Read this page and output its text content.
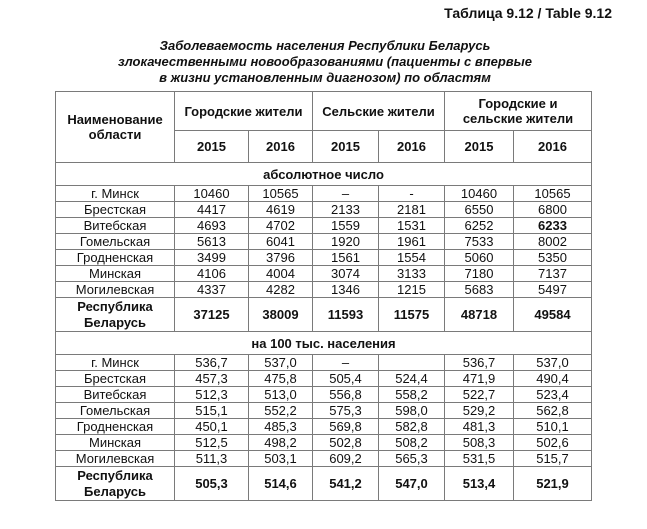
Таблица 9.12 / Table 9.12
Заболеваемость населения Республики Беларусь
злокачественными новообразованиями (пациенты с впервые
в жизни установленным диагнозом) по областям
Наименование области	Городские жители		Сельские жители		Городские и сельские жители	
	2015	2016	2015	2016	2015	2016
абсолютное число						
г. Минск	10460	10565	–	-	10460	10565
Брестская	4417	4619	2133	2181	6550	6800
Витебская	4693	4702	1559	1531	6252	6233
Гомельская	5613	6041	1920	1961	7533	8002
Гродненская	3499	3796	1561	1554	5060	5350
Минская	4106	4004	3074	3133	7180	7137
Могилевская	4337	4282	1346	1215	5683	5497

Республика
Беларусь	37125	38009	11593	11575	48718	49584
на 100 тыс. населения						
г. Минск	536,7	537,0	–		536,7	537,0
Брестская	457,3	475,8	505,4	524,4	471,9	490,4
Витебская	512,3	513,0	556,8	558,2	522,7	523,4
Гомельская	515,1	552,2	575,3	598,0	529,2	562,8
Гродненская	450,1	485,3	569,8	582,8	481,3	510,1
Минская	512,5	498,2	502,8	508,2	508,3	502,6
Могилевская	511,3	503,1	609,2	565,3	531,5	515,7

Республика
Беларусь	505,3	514,6	541,2	547,0	513,4	521,9
